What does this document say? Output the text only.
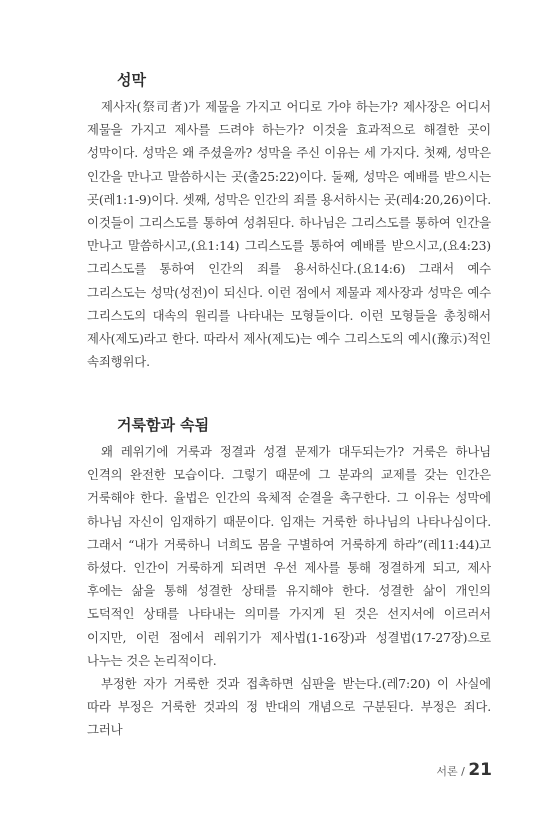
성막

제사자(祭司者)가 제물을 가지고 어디로 가야 하는가? 제사장은 어디서 제물을 가지고 제사를 드려야 하는가? 이것을 효과적으로 해결한 곳이 성막이다. 성막은 왜 주셨을까? 성막을 주신 이유는 세 가지다. 첫째, 성막은 인간을 만나고 말씀하시는 곳(출25:22)이다. 둘째, 성막은 예배를 받으시는 곳(레1:1-9)이다. 셋째, 성막은 인간의 죄를 용서하시는 곳(레4:20,26)이다. 이것들이 그리스도를 통하여 성취된다. 하나님은 그리스도를 통하여 인간을 만나고 말씀하시고,(요1:14) 그리스도를 통하여 예배를 받으시고,(요4:23) 그리스도를 통하여 인간의 죄를 용서하신다.(요14:6) 그래서 예수 그리스도는 성막(성전)이 되신다. 이런 점에서 제물과 제사장과 성막은 예수 그리스도의 대속의 원리를 나타내는 모형들이다. 이런 모형들을 총칭해서 제사(제도)라고 한다. 따라서 제사(제도)는 예수 그리스도의 예시(豫示)적인 속죄행위다.

거룩함과 속됨

왜 레위기에 거룩과 정결과 성결 문제가 대두되는가? 거룩은 하나님 인격의 완전한 모습이다. 그렇기 때문에 그 분과의 교제를 갖는 인간은 거룩해야 한다. 율법은 인간의 육체적 순결을 촉구한다. 그 이유는 성막에 하나님 자신이 임재하기 때문이다. 임재는 거룩한 하나님의 나타나심이다. 그래서 “내가 거룩하니 너희도 몸을 구별하여 거룩하게 하라”(레11:44)고 하셨다. 인간이 거룩하게 되려면 우선 제사를 통해 정결하게 되고, 제사 후에는 삶을 통해 성결한 상태를 유지해야 한다. 성결한 삶이 개인의 도덕적인 상태를 나타내는 의미를 가지게 된 것은 선지서에 이르러서 이지만, 이런 점에서 레위기가 제사법(1-16장)과 성결법(17-27장)으로 나누는 것은 논리적이다.

부정한 자가 거룩한 것과 접촉하면 심판을 받는다.(레7:20) 이 사실에 따라 부정은 거룩한 것과의 정 반대의 개념으로 구분된다. 부정은 죄다. 그러나

서론 / 21
